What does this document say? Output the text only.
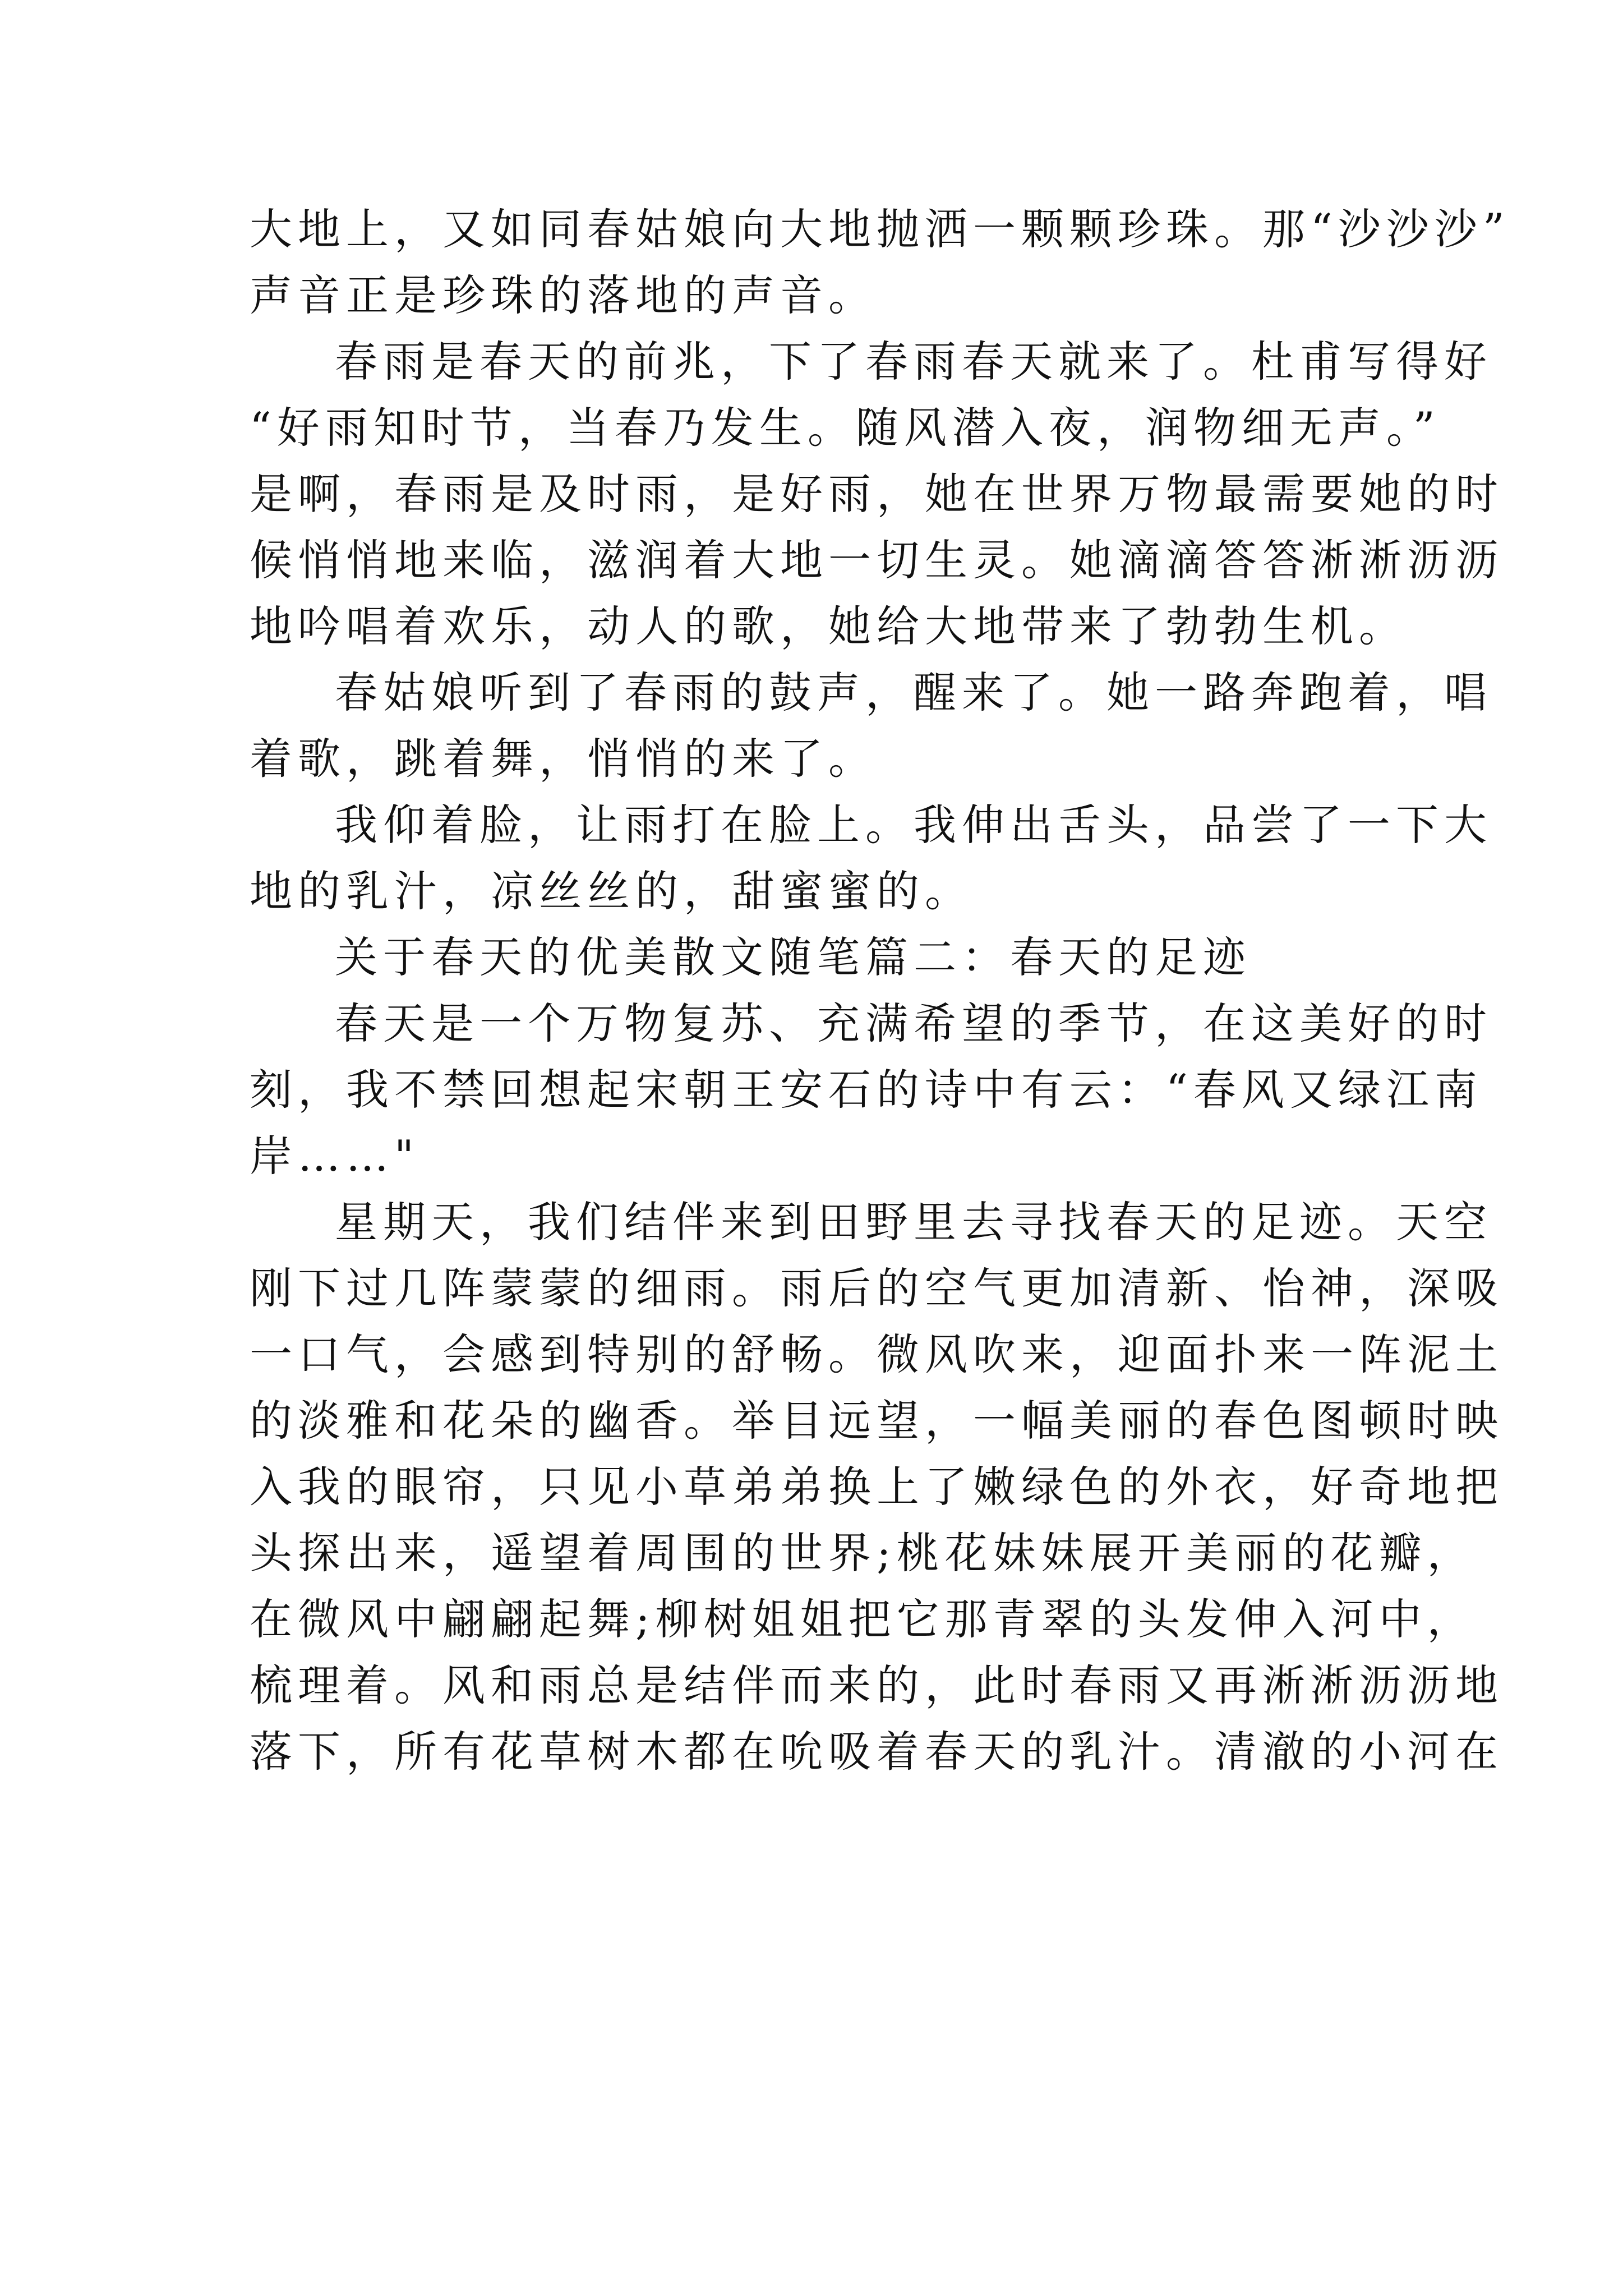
大地上，又如同春姑娘向大地抛洒一颗颗珍珠。那“沙沙沙”
声音正是珍珠的落地的声音。
春雨是春天的前兆，下了春雨春天就来了。杜甫写得好
“好雨知时节，当春乃发生。随风潜入夜，润物细无声。”
是啊，春雨是及时雨，是好雨，她在世界万物最需要她的时
候悄悄地来临，滋润着大地一切生灵。她滴滴答答淅淅沥沥
地吟唱着欢乐，动人的歌，她给大地带来了勃勃生机。
春姑娘听到了春雨的鼓声，醒来了。她一路奔跑着，唱
着歌，跳着舞，悄悄的来了。
我仰着脸，让雨打在脸上。我伸出舌头，品尝了一下大
地的乳汁，凉丝丝的，甜蜜蜜的。
关于春天的优美散文随笔篇二：春天的足迹
春天是一个万物复苏、充满希望的季节，在这美好的时
刻，我不禁回想起宋朝王安石的诗中有云：“春风又绿江南
岸……"
星期天，我们结伴来到田野里去寻找春天的足迹。天空
刚下过几阵蒙蒙的细雨。雨后的空气更加清新、怡神，深吸
一口气，会感到特别的舒畅。微风吹来，迎面扑来一阵泥土
的淡雅和花朵的幽香。举目远望，一幅美丽的春色图顿时映
入我的眼帘，只见小草弟弟换上了嫩绿色的外衣，好奇地把
头探出来，遥望着周围的世界;桃花妹妹展开美丽的花瓣，
在微风中翩翩起舞;柳树姐姐把它那青翠的头发伸入河中，
梳理着。风和雨总是结伴而来的，此时春雨又再淅淅沥沥地
落下，所有花草树木都在吮吸着春天的乳汁。清澈的小河在
